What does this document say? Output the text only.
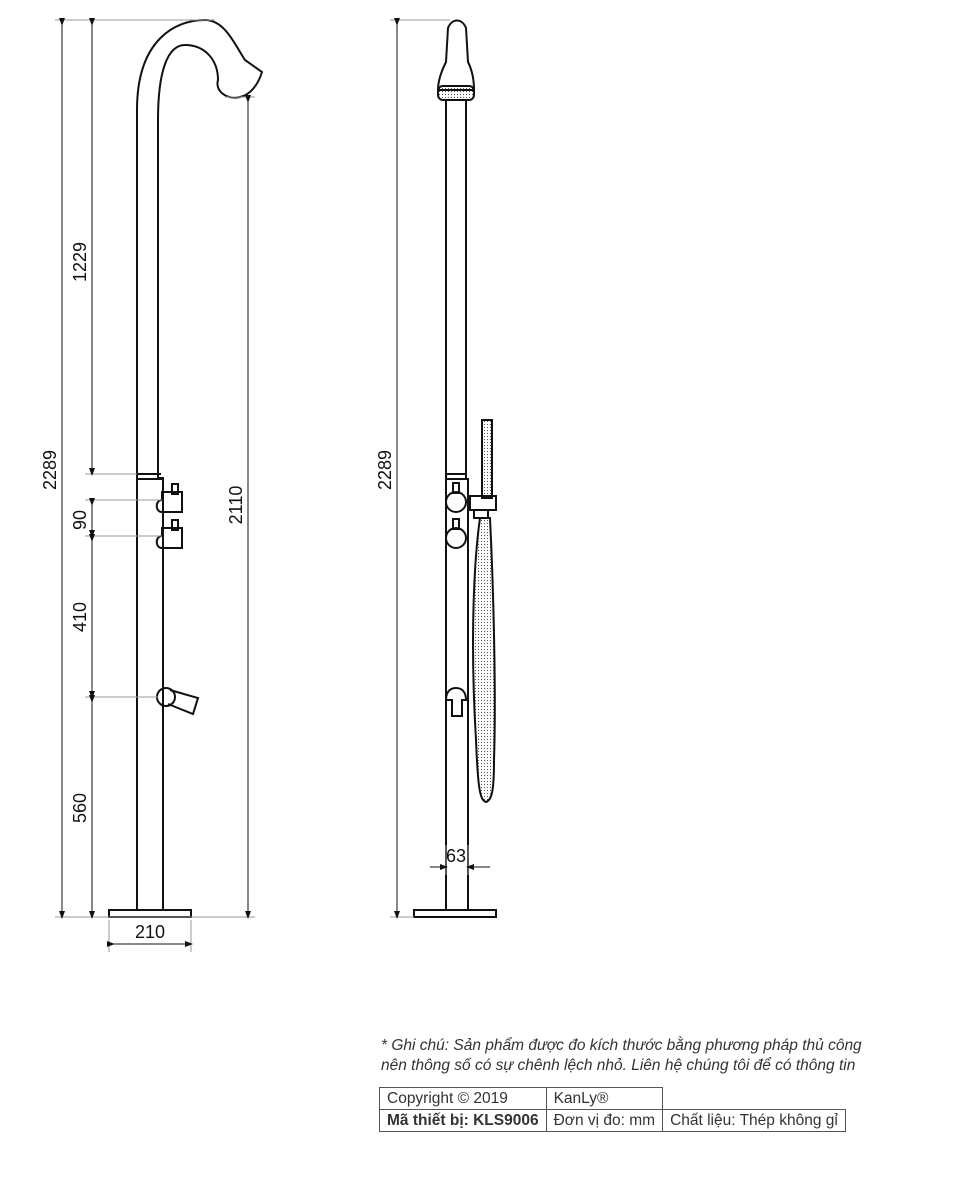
2289
1229
90
410
560
2110
210
2289
63
* Ghi chú: Sản phẩm được đo kích thước bằng phương pháp thủ công
nên thông số có sự chênh lệch nhỏ. Liên hệ chúng tôi để có thông tin
Copyright © 2019	KanLy®	
Mã thiết bị: KLS9006	Đơn vị đo: mm	Chất liệu: Thép không gỉ
